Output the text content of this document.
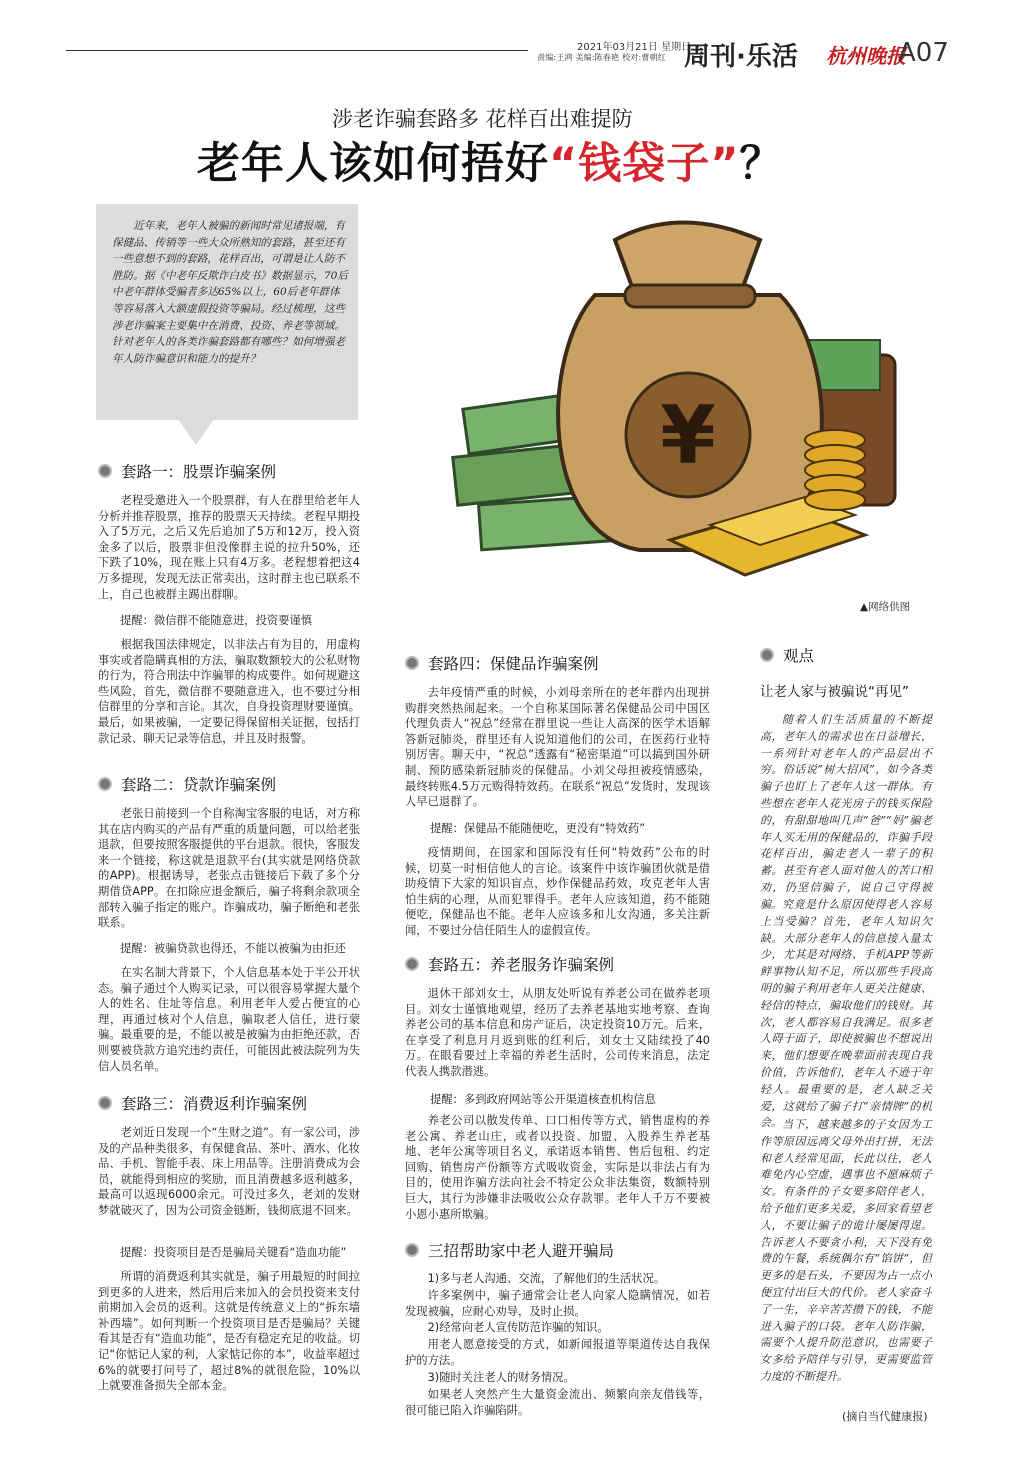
2021年03月21日 星期日
责编:王鸿 美编:陈春艳 校对:曹朝红 周刊·乐活 杭州晚报
A07
涉老诈骗套路多 花样百出难提防
老年人该如何捂好“钱袋子”？
近年来，老年人被骗的新闻时常见诸报端，有保健品、传销等一些大众所熟知的套路，甚至还有一些意想不到的套路，花样百出，可谓是让人防不胜防。据《中老年反欺诈白皮书》数据显示，70后中老年群体受骗者多达65%以上，60后老年群体等容易落入大额虚假投资等骗局。经过梳理，这些涉老诈骗案主要集中在消费、投资、养老等领域。针对老年人的各类诈骗套路都有哪些？如何增强老年人防诈骗意识和能力的提升？
¥
▲网络供图
套路一：股票诈骗案例
老程受邀进入一个股票群，有人在群里给老年人分析并推荐股票，推荐的股票天天持续。老程早期投入了5万元，之后又先后追加了5万和12万，投入资金多了以后，股票非但没像群主说的拉升50%，还下跌了10%，现在账上只有4万多。老程想着把这4万多提现，发现无法正常卖出，这时群主也已联系不上，自己也被群主踢出群聊。
提醒：微信群不能随意进，投资要谨慎
根据我国法律规定，以非法占有为目的，用虚构事实或者隐瞒真相的方法，骗取数额较大的公私财物的行为，符合刑法中诈骗罪的构成要件。如何规避这些风险，首先，微信群不要随意进入，也不要过分相信群里的分享和言论。其次，自身投资理财要谨慎。最后，如果被骗，一定要记得保留相关证据，包括打款记录、聊天记录等信息，并且及时报警。
套路二：贷款诈骗案例
老张日前接到一个自称淘宝客服的电话，对方称其在店内购买的产品有严重的质量问题，可以给老张退款，但要按照客服提供的平台退款。很快，客服发来一个链接，称这就是退款平台(其实就是网络贷款的APP)。根据诱导，老张点击链接后下载了多个分期借贷APP。在扣除应退金额后，骗子将剩余款项全部转入骗子指定的账户。诈骗成功，骗子断绝和老张联系。
提醒：被骗贷款也得还，不能以被骗为由拒还
在实名制大背景下，个人信息基本处于半公开状态。骗子通过个人购买记录，可以很容易掌握大量个人的姓名、住址等信息。利用老年人爱占便宜的心理，再通过核对个人信息，骗取老人信任，进行蒙骗。最重要的是，不能以被是被骗为由拒绝还款，否则要被贷款方追究违约责任，可能因此被法院列为失信人员名单。
套路三：消费返利诈骗案例
老刘近日发现一个“生财之道”。有一家公司，涉及的产品种类很多，有保健食品、茶叶、酒水、化妆品、手机、智能手表、床上用品等。注册消费成为会员，就能得到相应的奖励，而且消费越多返利越多，最高可以返现6000余元。可没过多久，老刘的发财梦就破灭了，因为公司资金链断，钱彻底退不回来。
提醒：投资项目是否是骗局关键看“造血功能”
所谓的消费返利其实就是，骗子用最短的时间拉到更多的人进来，然后用后来加入的会员投资来支付前期加入会员的返利。这就是传统意义上的“拆东墙补西墙”。如何判断一个投资项目是否是骗局？关键看其是否有“造血功能”，是否有稳定充足的收益。切记“你惦记人家的利，人家惦记你的本”，收益率超过6%的就要打问号了，超过8%的就很危险，10%以上就要准备损失全部本金。
套路四：保健品诈骗案例
去年疫情严重的时候，小刘母亲所在的老年群内出现拼购群突然热闹起来。一个自称某国际著名保健品公司中国区代理负责人“祝总”经常在群里说一些让人高深的医学术语解答新冠肺炎，群里还有人说知道他们的公司，在医药行业特别厉害。聊天中，“祝总”透露有“秘密渠道”可以搞到国外研制、预防感染新冠肺炎的保健品。小刘父母担被疫情感染，最终转账4.5万元购得特效药。在联系“祝总”发货时，发现该人早已退群了。
提醒：保健品不能随便吃，更没有“特效药”
疫情期间，在国家和国际没有任何“特效药”公布的时候，切莫一时相信他人的言论。该案件中该诈骗团伙就是借助疫情下大家的知识盲点，炒作保健品药效，攻克老年人害怕生病的心理，从而犯罪得手。老年人应该知道，药不能随便吃，保健品也不能。老年人应该多和儿女沟通，多关注新闻，不要过分信任陌生人的虚假宣传。
套路五：养老服务诈骗案例
退休干部刘女士，从朋友处听说有养老公司在做养老项目。刘女士谨慎地观望，经历了去养老基地实地考察、查询养老公司的基本信息和房产证后，决定投资10万元。后来，在享受了利息月月返到账的红利后，刘女士又陆续投了40万。在眼看要过上幸福的养老生活时，公司传来消息，法定代表人携款潜逃。
提醒：多到政府网站等公开渠道核查机构信息
养老公司以散发传单、口口相传等方式，销售虚构的养老公寓、养老山庄，或者以投资、加盟、入股养生养老基地、老年公寓等项目名义，承诺返本销售、售后包租、约定回购、销售房产份额等方式吸收资金，实际是以非法占有为目的，使用诈骗方法向社会不特定公众非法集资，数额特别巨大，其行为涉嫌非法吸收公众存款罪。老年人千万不要被小恩小惠所欺骗。
三招帮助家中老人避开骗局
1)多与老人沟通、交流，了解他们的生活状况。
许多案例中，骗子通常会让老人向家人隐瞒情况，如若发现被骗，应耐心劝导，及时止损。
2)经常向老人宣传防范诈骗的知识。
用老人愿意接受的方式，如新闻报道等渠道传达自我保护的方法。
3)随时关注老人的财务情况。
如果老人突然产生大量资金流出、频繁向亲友借钱等，很可能已陷入诈骗陷阱。
观点
让老人家与被骗说“再见”
随着人们生活质量的不断提高，老年人的需求也在日益增长，一系列针对老年人的产品层出不穷。俗话说“树大招风”，如今各类骗子也盯上了老年人这一群体。有些想在老年人花光房子的钱买保险的，有甜甜地叫几声“爸”“妈”骗老年人买无用的保健品的，诈骗手段花样百出，骗走老人一辈子的积蓄。甚至有老人面对他人的苦口相劝，仍坚信骗子，说自己守得被骗。 究竟是什么原因使得老人容易上当受骗？首先，老年人知识欠缺。大部分老年人的信息接入量太少，尤其是对网络、手机APP等新鲜事物认知不足，所以那些手段高明的骗子利用老年人更关注健康、轻信的特点，骗取他们的钱财。其次，老人都容易自我满足。很多老人碍于面子，即使被骗也不想说出来，他们想要在晚辈面前表现自我价值，告诉他们，老年人不逊于年轻人。最重要的是，老人缺乏关爱，这就给了骗子打“亲情牌”的机会。 当下，越来越多的子女因为工作等原因远离父母外出打拼，无法和老人经常见面，长此以往，老人难免内心空虚，遇事也不愿麻烦子女。有条件的子女要多陪伴老人，给予他们更多关爱，多回家看望老人，不要让骗子的诡计屡屡得逞。告诉老人不要贪小利，天下没有免费的午餐，系统偶尔有“馅饼”，但更多的是石头，不要因为占一点小便宜付出巨大的代价。老人家奋斗了一生，辛辛苦苦攒下的钱，不能进入骗子的口袋。老年人防诈骗，需要个人提升防范意识，也需要子女多给予陪伴与引导，更需要监管力度的不断提升。
(摘自当代健康报)
